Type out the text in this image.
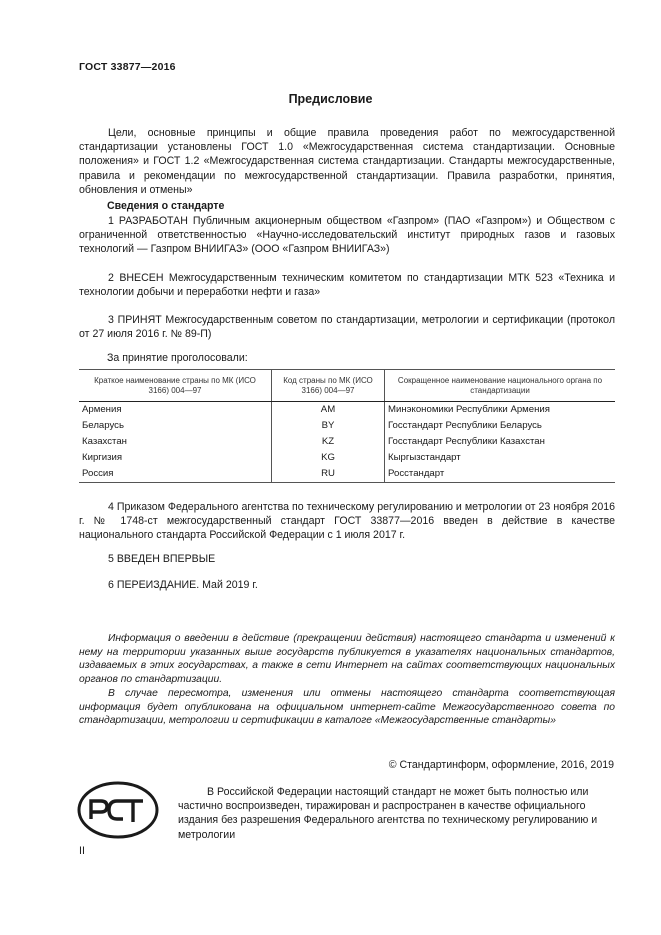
ГОСТ 33877—2016
Предисловие
Цели, основные принципы и общие правила проведения работ по межгосударственной стандартизации установлены ГОСТ 1.0 «Межгосударственная система стандартизации. Основные положения» и ГОСТ 1.2 «Межгосударственная система стандартизации. Стандарты межгосударственные, правила и рекомендации по межгосударственной стандартизации. Правила разработки, принятия, обновления и отмены»
Сведения о стандарте
1 РАЗРАБОТАН Публичным акционерным обществом «Газпром» (ПАО «Газпром») и Обществом с ограниченной ответственностью «Научно-исследовательский институт природных газов и газовых технологий — Газпром ВНИИГАЗ» (ООО «Газпром ВНИИГАЗ»)
2 ВНЕСЕН Межгосударственным техническим комитетом по стандартизации МТК 523 «Техника и технологии добычи и переработки нефти и газа»
3 ПРИНЯТ Межгосударственным советом по стандартизации, метрологии и сертификации (протокол от 27 июля 2016 г. № 89-П)
За принятие проголосовали:
Краткое наименование страны по МК (ИСО 3166) 004—97	Код страны по МК (ИСО 3166) 004—97	Сокращенное наименование национального органа по стандартизации
Армения	AM	Минэкономики Республики Армения
Беларусь	BY	Госстандарт Республики Беларусь
Казахстан	KZ	Госстандарт Республики Казахстан
Киргизия	KG	Кыргызстандарт
Россия	RU	Росстандарт
4 Приказом Федерального агентства по техническому регулированию и метрологии от 23 ноября 2016 г. № 1748-ст межгосударственный стандарт ГОСТ 33877—2016 введен в действие в качестве национального стандарта Российской Федерации с 1 июля 2017 г.
5 ВВЕДЕН ВПЕРВЫЕ
6 ПЕРЕИЗДАНИЕ. Май 2019 г.
Информация о введении в действие (прекращении действия) настоящего стандарта и изменений к нему на территории указанных выше государств публикуется в указателях национальных стандартов, издаваемых в этих государствах, а также в сети Интернет на сайтах соответствующих национальных органов по стандартизации.
В случае пересмотра, изменения или отмены настоящего стандарта соответствующая информация будет опубликована на официальном интернет-сайте Межгосударственного совета по стандартизации, метрологии и сертификации в каталоге «Межгосударственные стандарты»
© Стандартинформ, оформление, 2016, 2019
В Российской Федерации настоящий стандарт не может быть полностью или частично воспроизведен, тиражирован и распространен в качестве официального издания без разрешения Федерального агентства по техническому регулированию и метрологии
II
